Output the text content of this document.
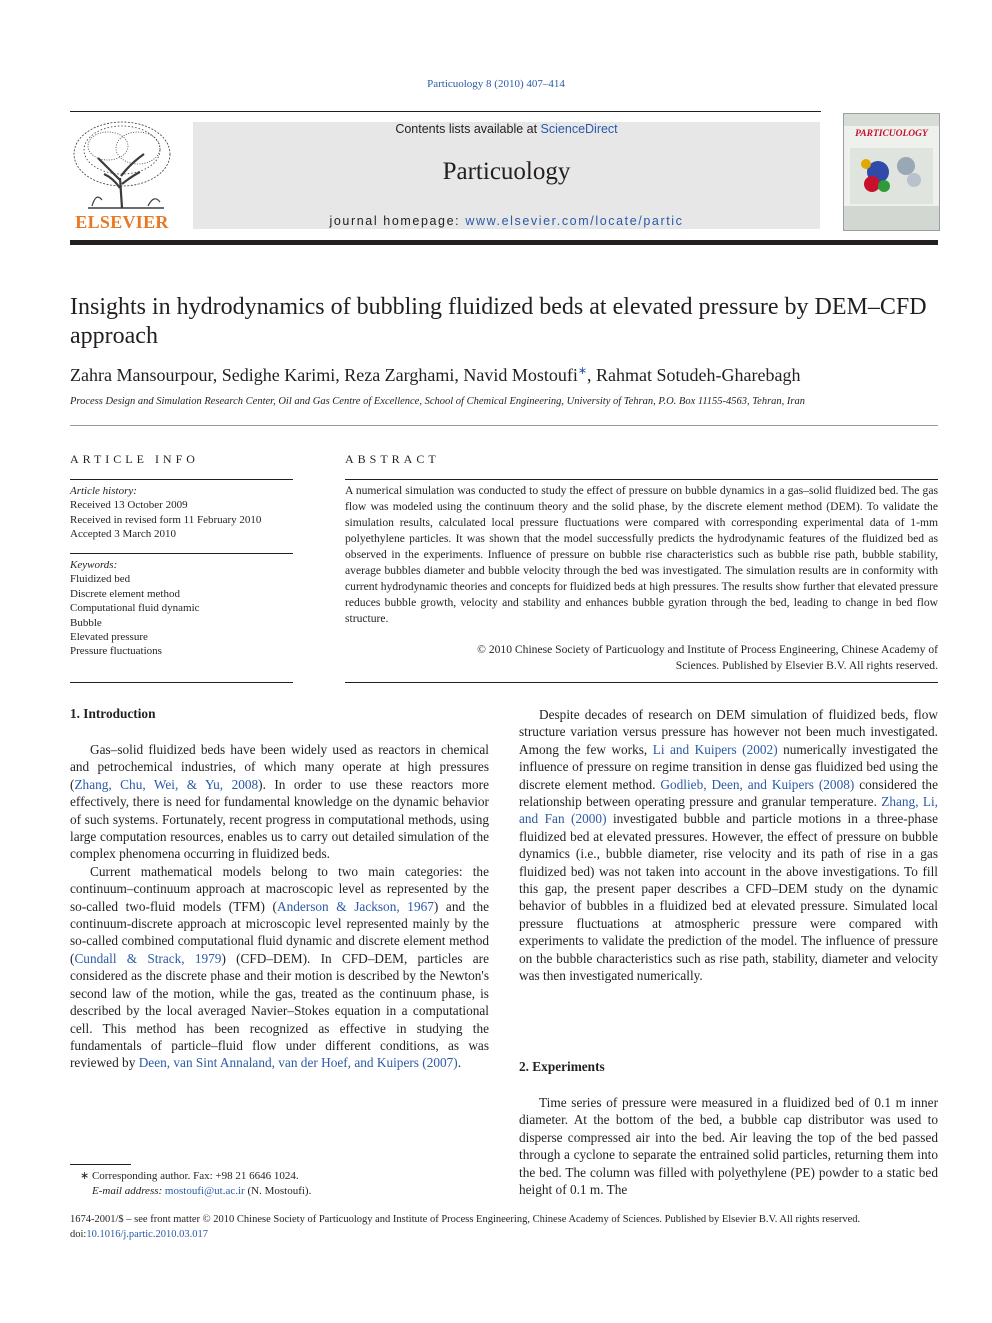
Particuology 8 (2010) 407–414
ELSEVIER
Contents lists available at ScienceDirect
Particuology
journal homepage: www.elsevier.com/locate/partic
PARTICUOLOGY
Insights in hydrodynamics of bubbling fluidized beds at elevated pressure by DEM–CFD approach
Zahra Mansourpour, Sedighe Karimi, Reza Zarghami, Navid Mostoufi∗, Rahmat Sotudeh-Gharebagh
Process Design and Simulation Research Center, Oil and Gas Centre of Excellence, School of Chemical Engineering, University of Tehran, P.O. Box 11155-4563, Tehran, Iran
ARTICLE INFO
Article history:
Received 13 October 2009
Received in revised form 11 February 2010
Accepted 3 March 2010
Keywords:
Fluidized bed
Discrete element method
Computational fluid dynamic
Bubble
Elevated pressure
Pressure fluctuations
ABSTRACT
A numerical simulation was conducted to study the effect of pressure on bubble dynamics in a gas–solid fluidized bed. The gas flow was modeled using the continuum theory and the solid phase, by the discrete element method (DEM). To validate the simulation results, calculated local pressure fluctuations were compared with corresponding experimental data of 1-mm polyethylene particles. It was shown that the model successfully predicts the hydrodynamic features of the fluidized bed as observed in the experiments. Influence of pressure on bubble rise characteristics such as bubble rise path, bubble stability, average bubbles diameter and bubble velocity through the bed was investigated. The simulation results are in conformity with current hydrodynamic theories and concepts for fluidized beds at high pressures. The results show further that elevated pressure reduces bubble growth, velocity and stability and enhances bubble gyration through the bed, leading to change in bed flow structure.
© 2010 Chinese Society of Particuology and Institute of Process Engineering, Chinese Academy of
Sciences. Published by Elsevier B.V. All rights reserved.
1. Introduction

Gas–solid fluidized beds have been widely used as reactors in chemical and petrochemical industries, of which many operate at high pressures (Zhang, Chu, Wei, & Yu, 2008). In order to use these reactors more effectively, there is need for fundamental knowledge on the dynamic behavior of such systems. Fortunately, recent progress in computational methods, using large computation resources, enables us to carry out detailed simulation of the complex phenomena occurring in fluidized beds.

Current mathematical models belong to two main categories: the continuum–continuum approach at macroscopic level as represented by the so-called two-fluid models (TFM) (Anderson & Jackson, 1967) and the continuum-discrete approach at microscopic level represented mainly by the so-called combined computational fluid dynamic and discrete element method (Cundall & Strack, 1979) (CFD–DEM). In CFD–DEM, particles are considered as the discrete phase and their motion is described by the Newton's second law of the motion, while the gas, treated as the continuum phase, is described by the local averaged Navier–Stokes equation in a computational cell. This method has been recognized as effective in studying the fundamentals of particle–fluid flow under different conditions, as was reviewed by Deen, van Sint Annaland, van der Hoef, and Kuipers (2007).

Despite decades of research on DEM simulation of fluidized beds, flow structure variation versus pressure has however not been much investigated. Among the few works, Li and Kuipers (2002) numerically investigated the influence of pressure on regime transition in dense gas fluidized bed using the discrete element method. Godlieb, Deen, and Kuipers (2008) considered the relationship between operating pressure and granular temperature. Zhang, Li, and Fan (2000) investigated bubble and particle motions in a three-phase fluidized bed at elevated pressures. However, the effect of pressure on bubble dynamics (i.e., bubble diameter, rise velocity and its path of rise in a gas fluidized bed) was not taken into account in the above investigations. To fill this gap, the present paper describes a CFD–DEM study on the dynamic behavior of bubbles in a fluidized bed at elevated pressure. Simulated local pressure fluctuations at atmospheric pressure were compared with experiments to validate the prediction of the model. The influence of pressure on the bubble characteristics such as rise path, stability, diameter and velocity was then investigated numerically.

2. Experiments

Time series of pressure were measured in a fluidized bed of 0.1 m inner diameter. At the bottom of the bed, a bubble cap distributor was used to disperse compressed air into the bed. Air leaving the top of the bed passed through a cyclone to separate the entrained solid particles, returning them into the bed. The column was filled with polyethylene (PE) powder to a static bed height of 0.1 m. The

∗ Corresponding author. Fax: +98 21 6646 1024.
E-mail address: mostoufi@ut.ac.ir (N. Mostoufi).
1674-2001/$ – see front matter © 2010 Chinese Society of Particuology and Institute of Process Engineering, Chinese Academy of Sciences. Published by Elsevier B.V. All rights reserved.
doi:10.1016/j.partic.2010.03.017
